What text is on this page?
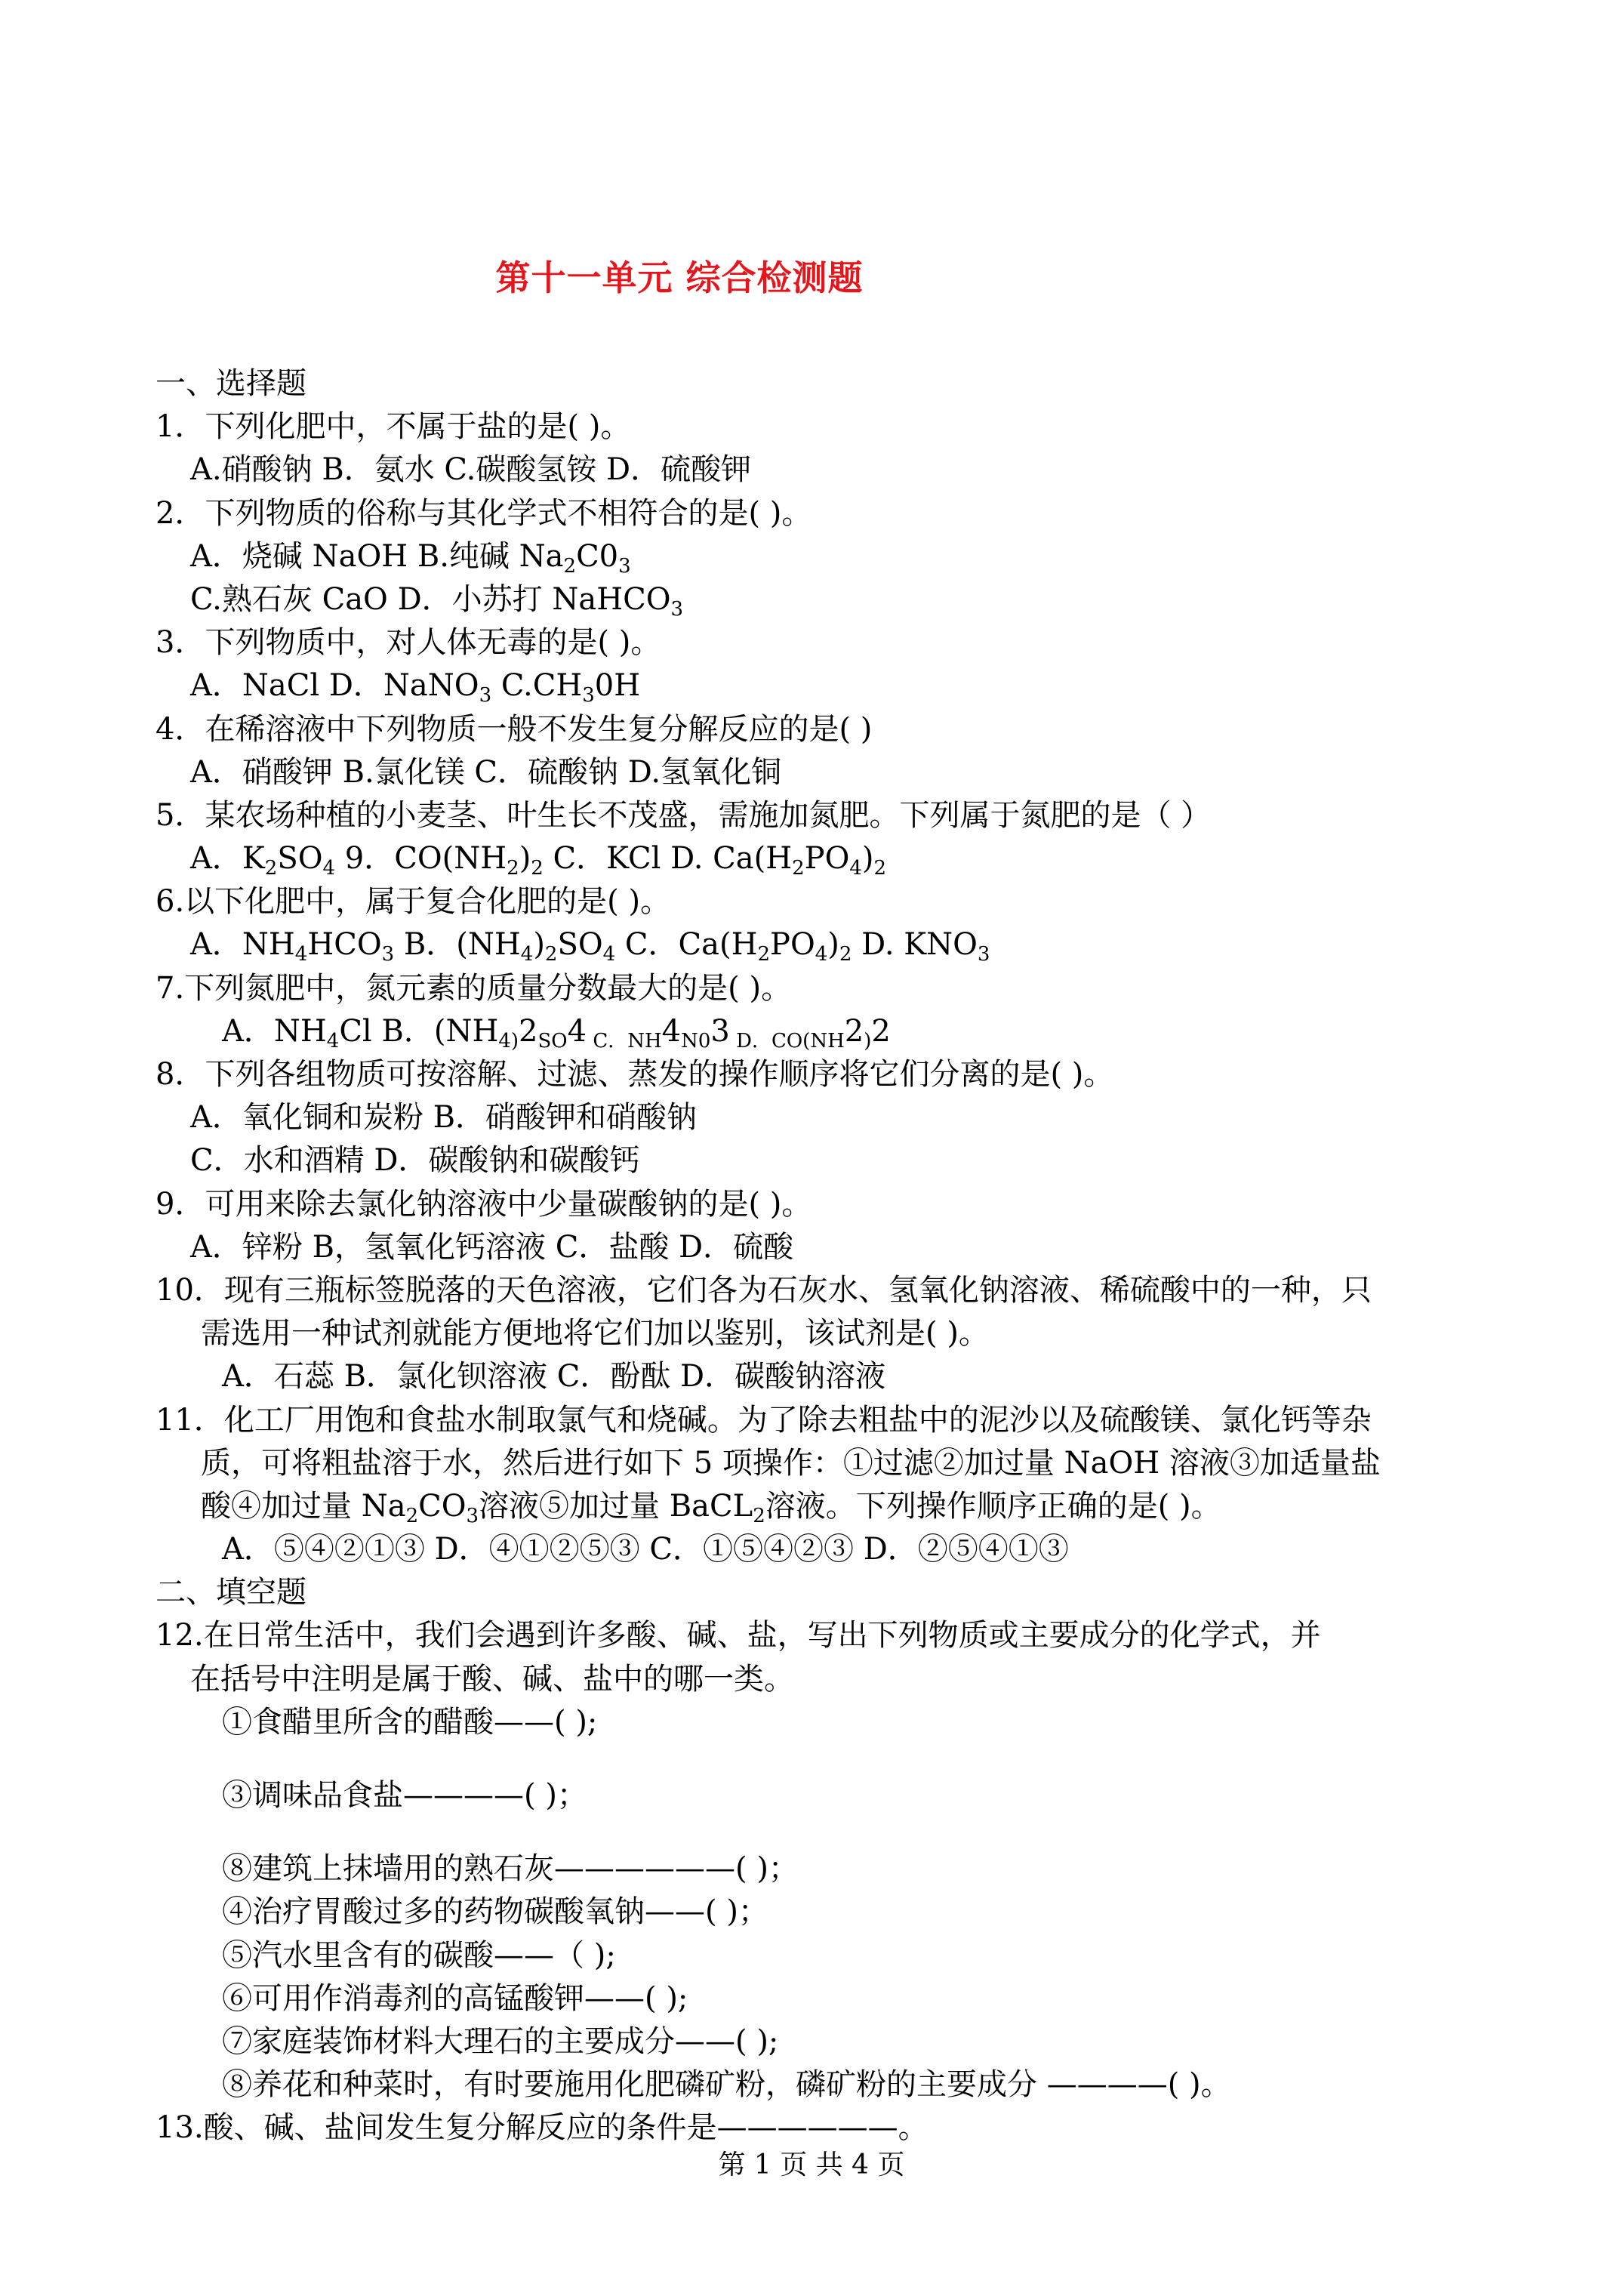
第十一单元 综合检测题
一、选择题
1．下列化肥中，不属于盐的是( )。
A.硝酸钠 B．氨水 C.碳酸氢铵 D．硫酸钾
2．下列物质的俗称与其化学式不相符合的是( )。
A．烧碱 NaOH B.纯碱 $Na_2C0_3$
C.熟石灰 CaO D．小苏打 NaHCO$_3$
3．下列物质中，对人体无毒的是( )。
A．NaCl D．NaNO$_3$ $C.CH_30H$
4．在稀溶液中下列物质一般不发生复分解反应的是( )
A．硝酸钾 B.氯化镁 C．硫酸钠 D.氢氧化铜
5．某农场种植的小麦茎、叶生长不茂盛，需施加氮肥。下列属于氮肥的是（ ）
A．$K_2SO_4$ 9．$CO(NH_2)_2$ C．KCl D. $Ca(H_2PO_4)_2$
6.以下化肥中，属于复合化肥的是( )。
A．$NH_4HCO_3$ B．$(NH_4)_2SO_4$ C．$Ca(H_2PO_4)_2$ D. $KNO_3$
7.下列氮肥中，氮元素的质量分数最大的是( )。
A．$NH_4Cl$ B．($NH_{4)}2_{SO}4$ $_{C.NH}4_{N0}3$ $_{D.CO(NH}2_)2$
8．下列各组物质可按溶解、过滤、蒸发的操作顺序将它们分离的是( )。
A．氧化铜和炭粉 B．硝酸钾和硝酸钠
C．水和酒精 D．碳酸钠和碳酸钙
9．可用来除去氯化钠溶液中少量碳酸钠的是( )。
A．锌粉 B，氢氧化钙溶液 C．盐酸 D．硫酸
10．现有三瓶标签脱落的天色溶液，它们各为石灰水、氢氧化钠溶液、稀硫酸中的一种，只
需选用一种试剂就能方便地将它们加以鉴别，该试剂是( )。
A．石蕊 B．氯化钡溶液 C．酚酞 D．碳酸钠溶液
11．化工厂用饱和食盐水制取氯气和烧碱。为了除去粗盐中的泥沙以及硫酸镁、氯化钙等杂
质，可将粗盐溶于水，然后进行如下 5 项操作：①过滤②加过量 NaOH 溶液③加适量盐
酸④加过量 $Na_2CO_3$溶液⑤加过量 BaCL$_2$溶液。下列操作顺序正确的是( )。
A．⑤④②①③ D．④①②⑤③ C．①⑤④②③ D．②⑤④①③
二、填空题
12.在日常生活中，我们会遇到许多酸、碱、盐，写出下列物质或主要成分的化学式，并
在括号中注明是属于酸、碱、盐中的哪一类。
①食醋里所含的醋酸——( );
③调味品食盐————( )；
⑧建筑上抹墙用的熟石灰——————( )；
④治疗胃酸过多的药物碳酸氧钠——( )；
⑤汽水里含有的碳酸——（ );
⑥可用作消毒剂的高锰酸钾——( );
⑦家庭装饰材料大理石的主要成分——( );
⑧养花和种菜时，有时要施用化肥磷矿粉，磷矿粉的主要成分 ————( )。
13.酸、碱、盐间发生复分解反应的条件是——————。
第 1 页 共 4 页
